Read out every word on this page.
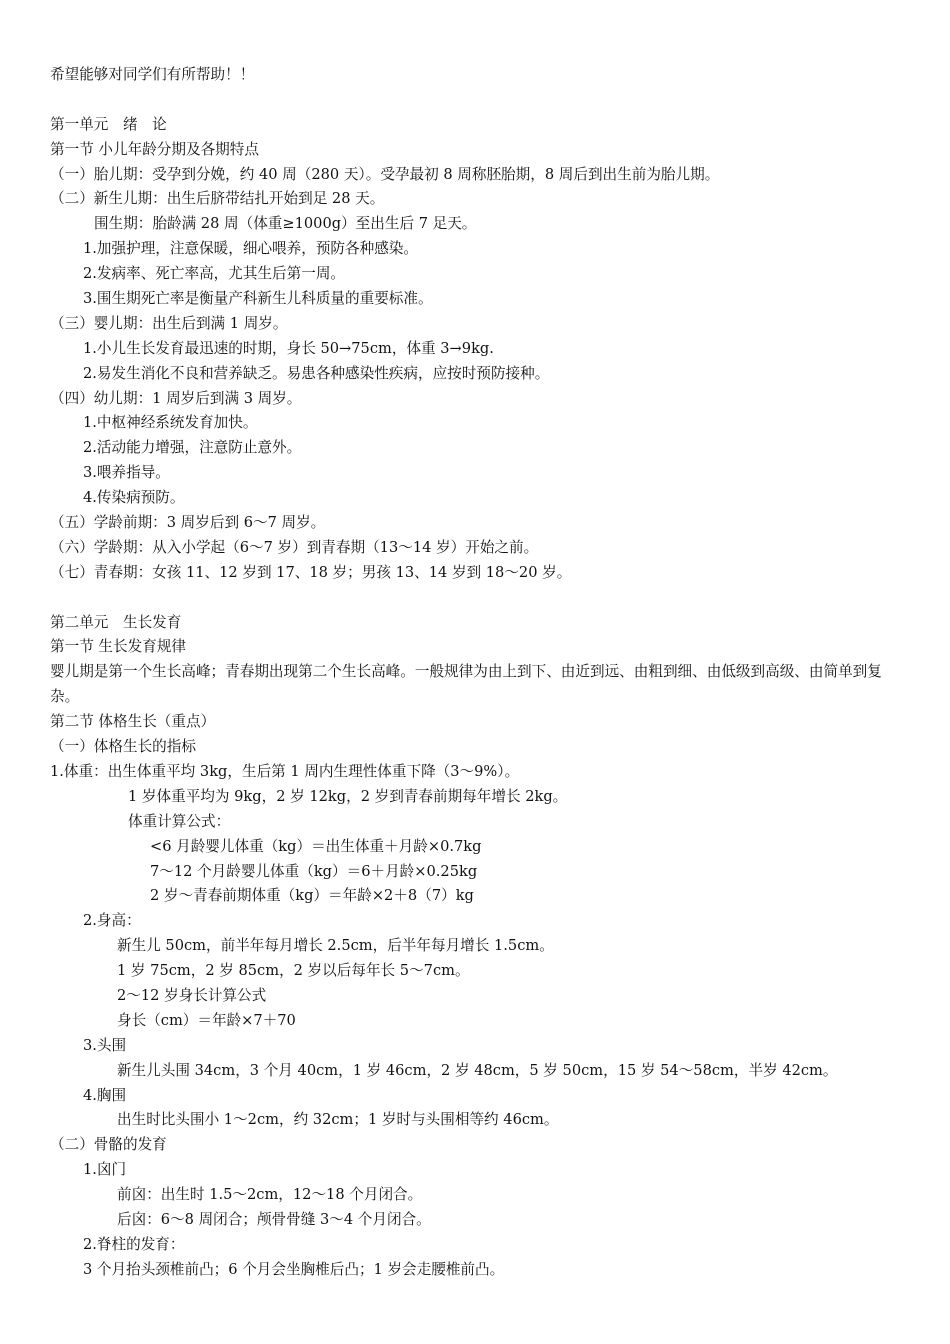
希望能够对同学们有所帮助！！
第一单元　绪　论
第一节 小儿年龄分期及各期特点
（一）胎儿期：受孕到分娩，约 40 周（280 天）。受孕最初 8 周称胚胎期，8 周后到出生前为胎儿期。
（二）新生儿期：出生后脐带结扎开始到足 28 天。
围生期：胎龄满 28 周（体重≥1000g）至出生后 7 足天。
1.加强护理，注意保暖，细心喂养，预防各种感染。
2.发病率、死亡率高，尤其生后第一周。
3.围生期死亡率是衡量产科新生儿科质量的重要标准。
（三）婴儿期：出生后到满 1 周岁。
1.小儿生长发育最迅速的时期，身长 50→75cm，体重 3→9kg.
2.易发生消化不良和营养缺乏。易患各种感染性疾病，应按时预防接种。
（四）幼儿期：1 周岁后到满 3 周岁。
1.中枢神经系统发育加快。
2.活动能力增强，注意防止意外。
3.喂养指导。
4.传染病预防。
（五）学龄前期：3 周岁后到 6～7 周岁。
（六）学龄期：从入小学起（6～7 岁）到青春期（13～14 岁）开始之前。
（七）青春期：女孩 11、12 岁到 17、18 岁；男孩 13、14 岁到 18～20 岁。
第二单元　生长发育
第一节 生长发育规律
婴儿期是第一个生长高峰；青春期出现第二个生长高峰。一般规律为由上到下、由近到远、由粗到细、由低级到高级、由简单到复杂。
第二节 体格生长（重点）
（一）体格生长的指标
1.体重：出生体重平均 3kg，生后第 1 周内生理性体重下降（3～9%）。
1 岁体重平均为 9kg，2 岁 12kg，2 岁到青春前期每年增长 2kg。
体重计算公式：
<6 月龄婴儿体重（kg）＝出生体重＋月龄×0.7kg
7～12 个月龄婴儿体重（kg）＝6＋月龄×0.25kg
2 岁～青春前期体重（kg）＝年龄×2＋8（7）kg
2.身高：
新生儿 50cm，前半年每月增长 2.5cm，后半年每月增长 1.5cm。
1 岁 75cm，2 岁 85cm，2 岁以后每年长 5～7cm。
2～12 岁身长计算公式
身长（cm）＝年龄×7＋70
3.头围
新生儿头围 34cm，3 个月 40cm，1 岁 46cm，2 岁 48cm，5 岁 50cm，15 岁 54～58cm，半岁 42cm。
4.胸围
出生时比头围小 1～2cm，约 32cm；1 岁时与头围相等约 46cm。
（二）骨骼的发育
1.囟门
前囟：出生时 1.5～2cm，12～18 个月闭合。
后囟：6～8 周闭合；颅骨骨缝 3～4 个月闭合。
2.脊柱的发育：
3 个月抬头颈椎前凸；6 个月会坐胸椎后凸；1 岁会走腰椎前凸。
